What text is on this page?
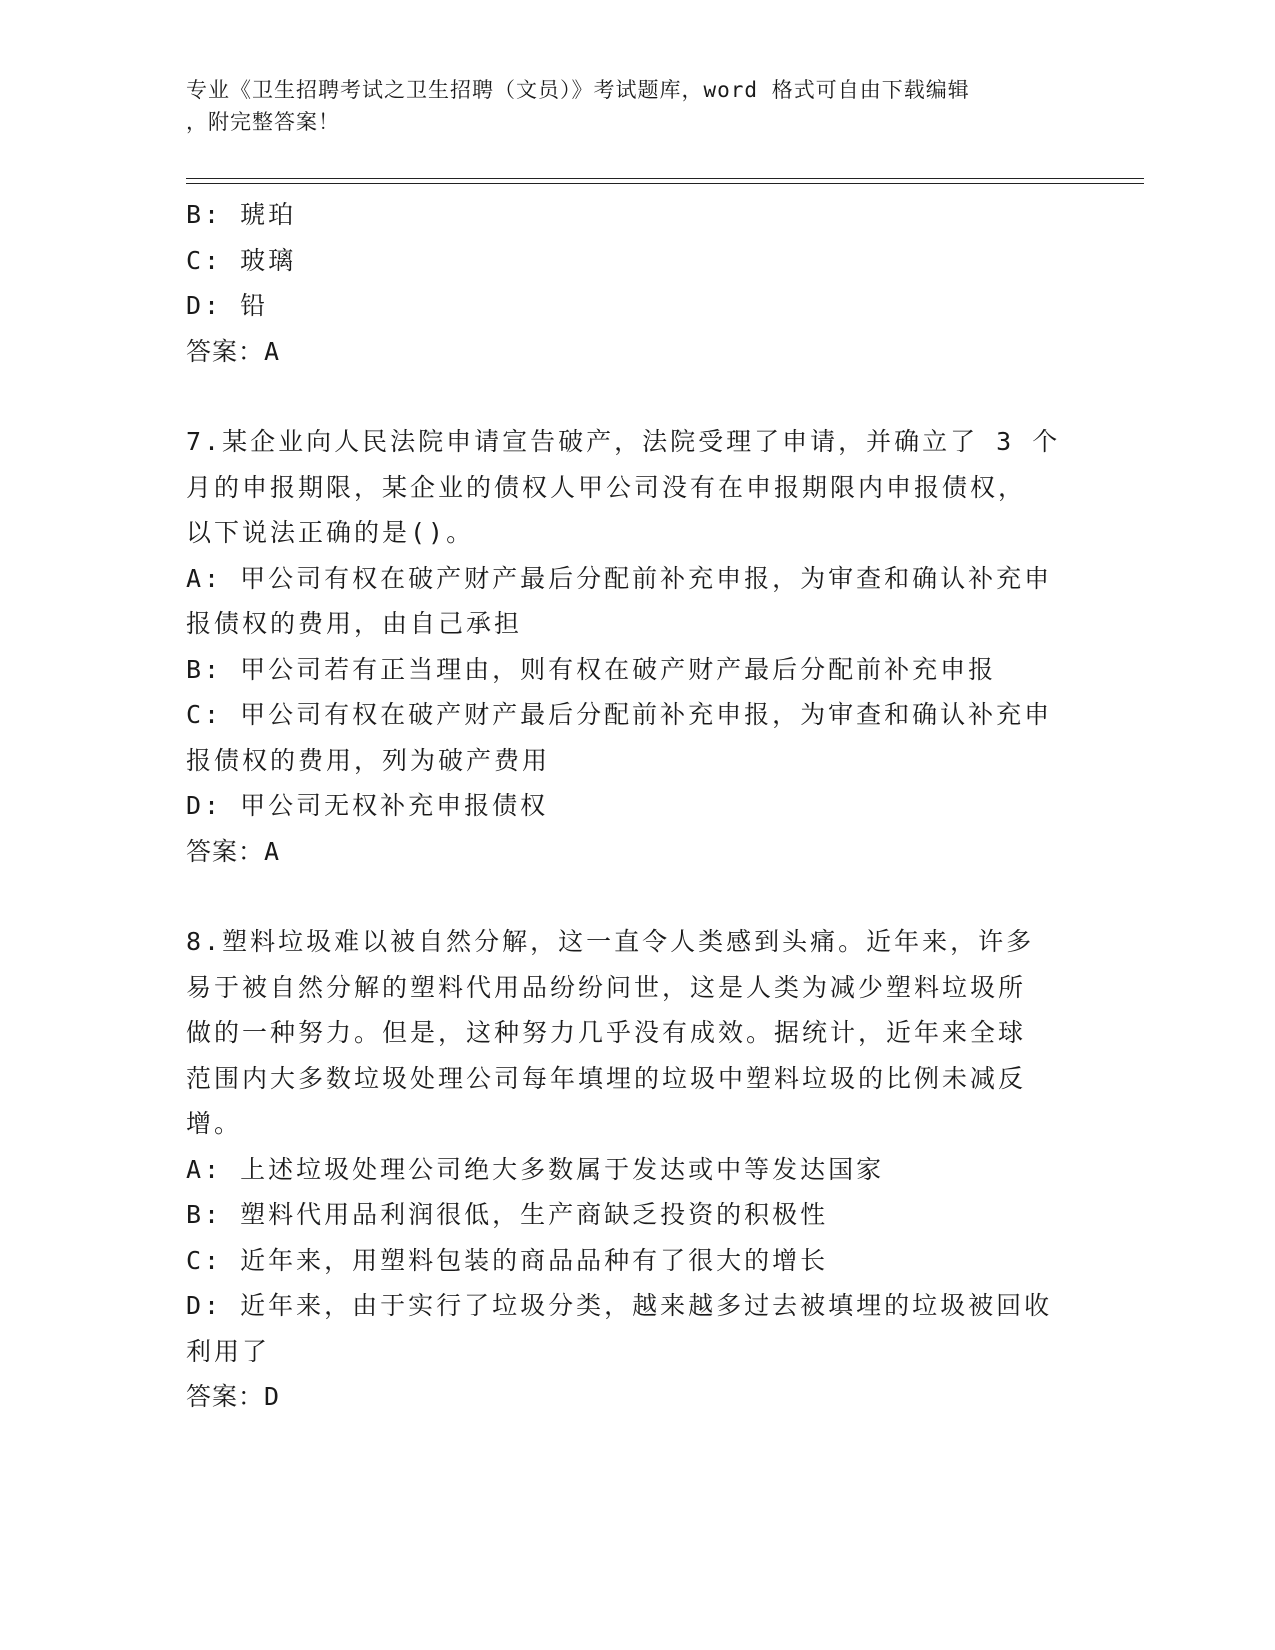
专业《卫生招聘考试之卫生招聘（文员）》考试题库，word 格式可自由下载编辑
，附完整答案！
B: 琥珀
C: 玻璃
D: 铅
答案：A
7.某企业向人民法院申请宣告破产，法院受理了申请，并确立了 3 个
月的申报期限，某企业的债权人甲公司没有在申报期限内申报债权，
以下说法正确的是()。
A: 甲公司有权在破产财产最后分配前补充申报，为审查和确认补充申
报债权的费用，由自己承担
B: 甲公司若有正当理由，则有权在破产财产最后分配前补充申报
C: 甲公司有权在破产财产最后分配前补充申报，为审查和确认补充申
报债权的费用，列为破产费用
D: 甲公司无权补充申报债权
答案：A
8.塑料垃圾难以被自然分解，这一直令人类感到头痛。近年来，许多
易于被自然分解的塑料代用品纷纷问世，这是人类为减少塑料垃圾所
做的一种努力。但是，这种努力几乎没有成效。据统计，近年来全球
范围内大多数垃圾处理公司每年填埋的垃圾中塑料垃圾的比例未减反
增。
A: 上述垃圾处理公司绝大多数属于发达或中等发达国家
B: 塑料代用品利润很低，生产商缺乏投资的积极性
C: 近年来，用塑料包装的商品品种有了很大的增长
D: 近年来，由于实行了垃圾分类，越来越多过去被填埋的垃圾被回收
利用了
答案：D
